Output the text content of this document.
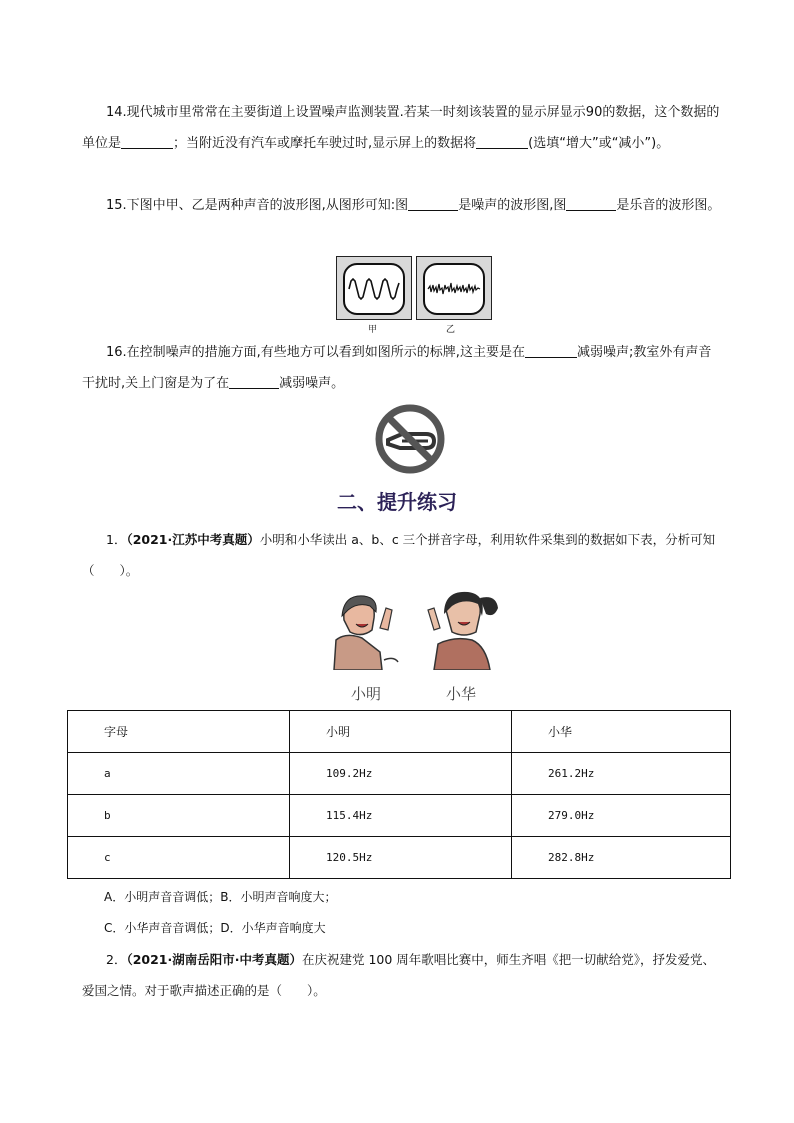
14.现代城市里常常在主要街道上设置噪声监测装置.若某一时刻该装置的显示屏显示90的数据，这个数据的单位是	；当附近没有汽车或摩托车驶过时,显示屏上的数据将	(选填“增大”或“减小”)。

15.下图中甲、乙是两种声音的波形图,从图形可知:图	是噪声的波形图,图	是乐音的波形图。

甲	乙

16.在控制噪声的措施方面,有些地方可以看到如图所示的标牌,这主要是在	减弱噪声;教室外有声音干扰时,关上门窗是为了在	减弱噪声。

二、提升练习

1．（2021·江苏中考真题）小明和小华读出 a、b、c 三个拼音字母，利用软件采集到的数据如下表，分析可知（　　）。

小明	小华
字母	小明	小华
a	109.2Hz	261.2Hz
b	115.4Hz	279.0Hz
c	120.5Hz	282.8Hz
A．小明声音音调低；B．小明声音响度大；
C．小华声音音调低；D．小华声音响度大

2．（2021·湖南岳阳市·中考真题）在庆祝建党 100 周年歌唱比赛中，师生齐唱《把一切献给党》，抒发爱党、爱国之情。对于歌声描述正确的是（　　）。
